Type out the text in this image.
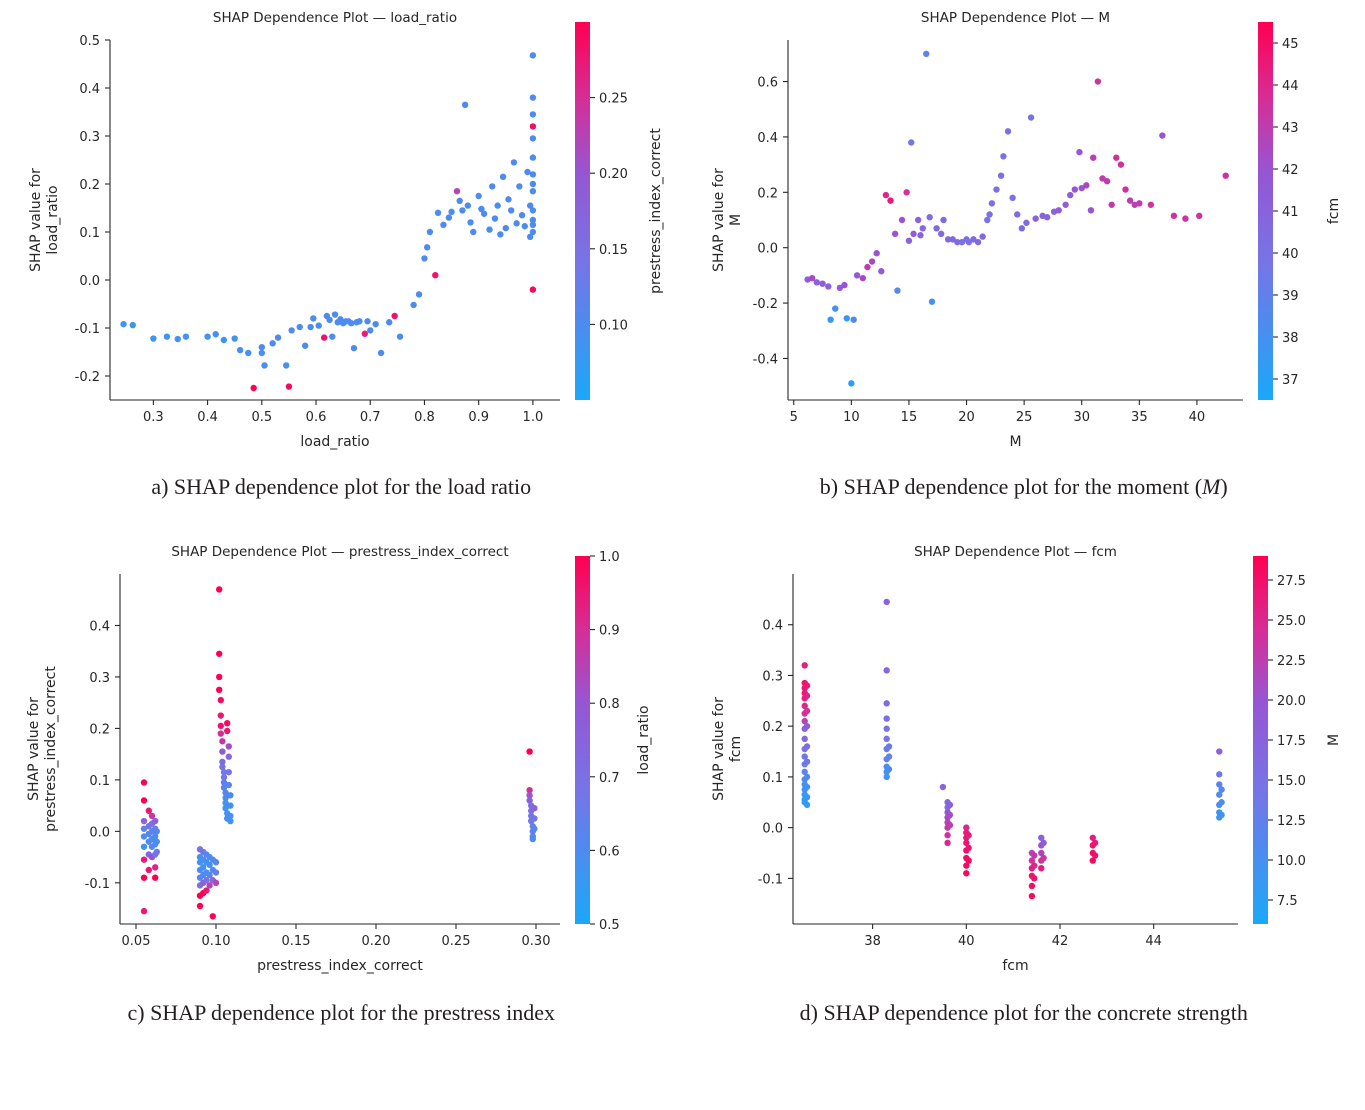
SHAP Dependence Plot — load_ratio
0.3	0.4	0.5	0.6	0.7	0.8	0.9	1.0
-0.2
-0.1
0.0
0.1
0.2
0.3
0.4
0.5
load_ratio
SHAP value for load_ratio
0.10
0.15
0.20
0.25
prestress_index_correct
SHAP Dependence Plot — M
5	10	15	20	25	30	35	40
-0.4
-0.2
0.0
0.2
0.4
0.6
M
SHAP value for M
37
38
39
40
41
42
43
44
45
fcm
a) SHAP dependence plot for the load ratio	b) SHAP dependence plot for the moment (M)
SHAP Dependence Plot — prestress_index_correct
0.05	0.10	0.15	0.20	0.25	0.30
-0.1
0.0
0.1
0.2
0.3
0.4
prestress_index_correct
SHAP value for prestress_index_correct
0.5
0.6
0.7
0.8
0.9
1.0
load_ratio
SHAP Dependence Plot — fcm
38	40	42	44
-0.1
0.0
0.1
0.2
0.3
0.4
fcm
SHAP value for fcm
7.5
10.0
12.5
15.0
17.5
20.0
22.5
25.0
27.5
M
c) SHAP dependence plot for the prestress index	d) SHAP dependence plot for the concrete strength
